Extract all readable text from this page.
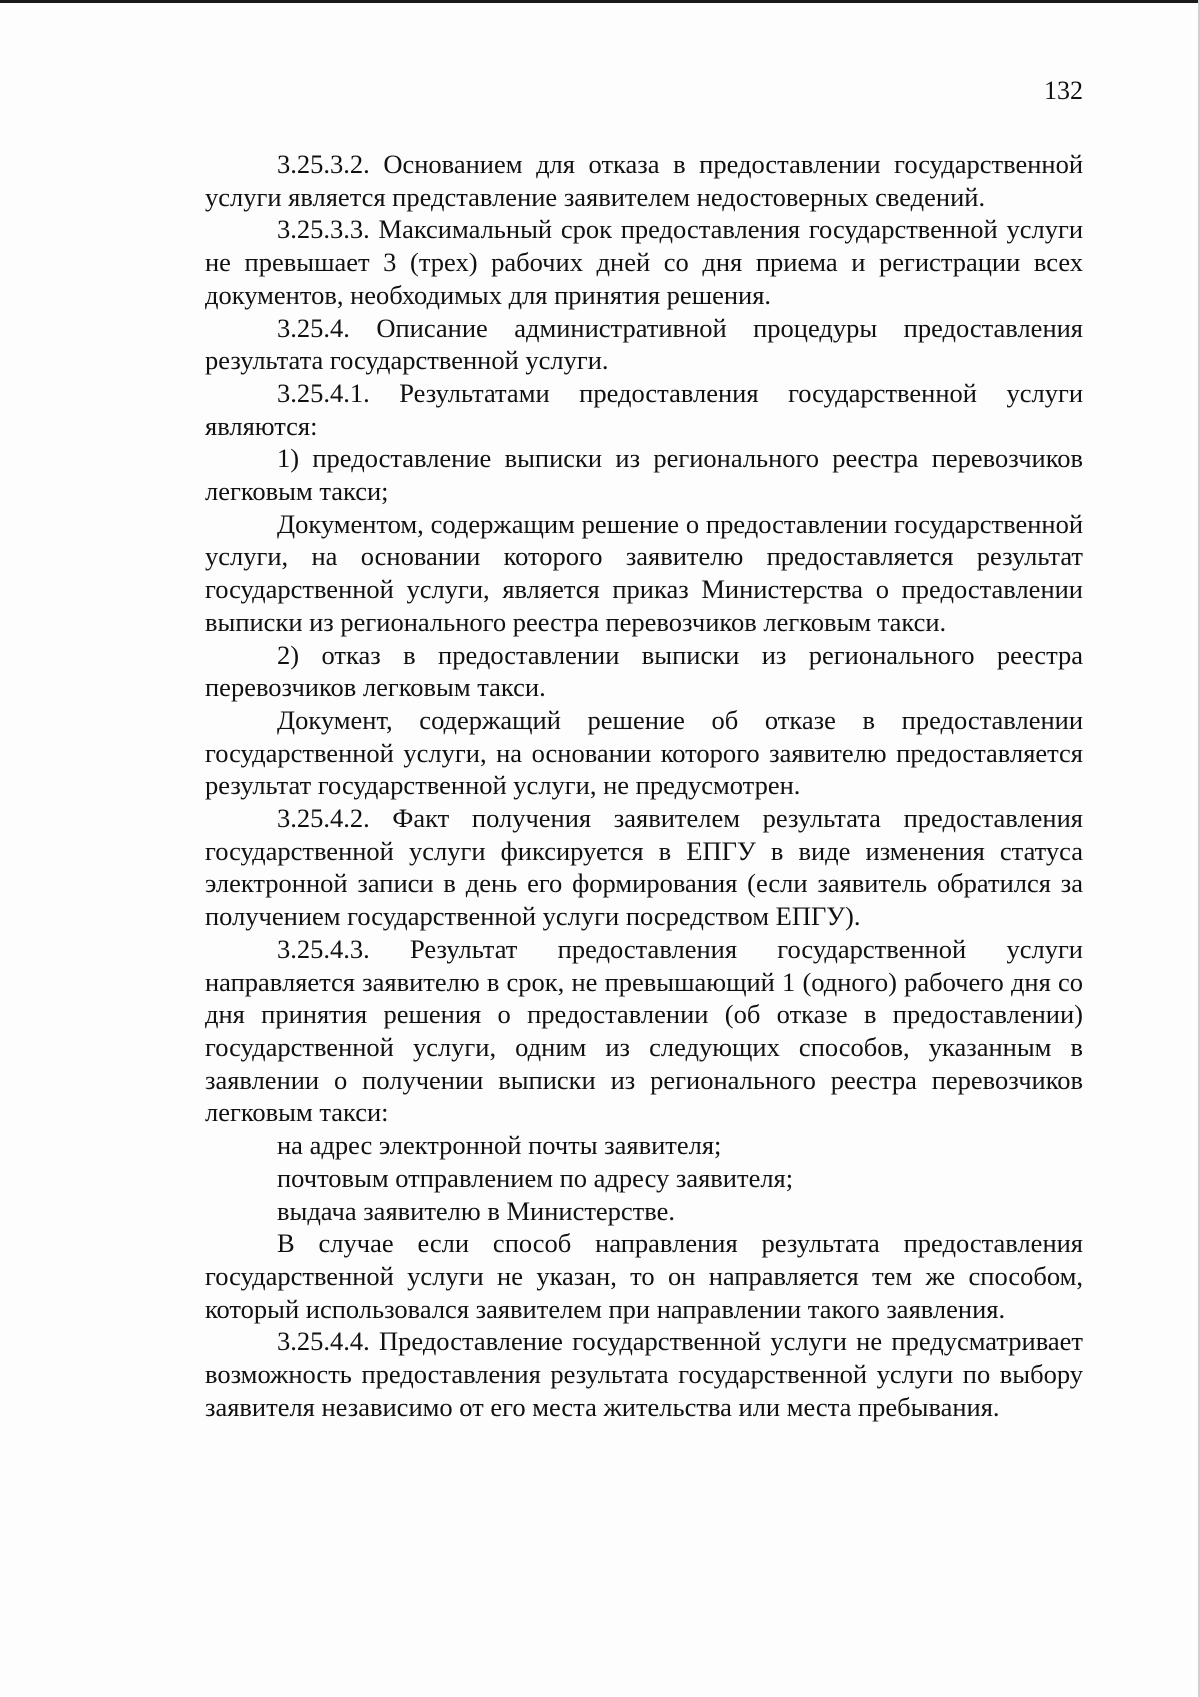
132

3.25.3.2. Основанием для отказа в предоставлении государственной услуги является представление заявителем недостоверных сведений.

3.25.3.3. Максимальный срок предоставления государственной услуги не превышает 3 (трех) рабочих дней со дня приема и регистрации всех документов, необходимых для принятия решения.

3.25.4. Описание административной процедуры предоставления результата государственной услуги.

3.25.4.1. Результатами предоставления государственной услуги являются:

1) предоставление выписки из регионального реестра перевозчиков легковым такси;

Документом, содержащим решение о предоставлении государственной услуги, на основании которого заявителю предоставляется результат государственной услуги, является приказ Министерства о предоставлении выписки из регионального реестра перевозчиков легковым такси.

2) отказ в предоставлении выписки из регионального реестра перевозчиков легковым такси.

Документ, содержащий решение об отказе в предоставлении государственной услуги, на основании которого заявителю предоставляется результат государственной услуги, не предусмотрен.

3.25.4.2. Факт получения заявителем результата предоставления государственной услуги фиксируется в ЕПГУ в виде изменения статуса электронной записи в день его формирования (если заявитель обратился за получением государственной услуги посредством ЕПГУ).

3.25.4.3. Результат предоставления государственной услуги направляется заявителю в срок, не превышающий 1 (одного) рабочего дня со дня принятия решения о предоставлении (об отказе в предоставлении) государственной услуги, одним из следующих способов, указанным в заявлении о получении выписки из регионального реестра перевозчиков легковым такси:

на адрес электронной почты заявителя;

почтовым отправлением по адресу заявителя;

выдача заявителю в Министерстве.

В случае если способ направления результата предоставления государственной услуги не указан, то он направляется тем же способом, который использовался заявителем при направлении такого заявления.

3.25.4.4. Предоставление государственной услуги не предусматривает возможность предоставления результата государственной услуги по выбору заявителя независимо от его места жительства или места пребывания.
